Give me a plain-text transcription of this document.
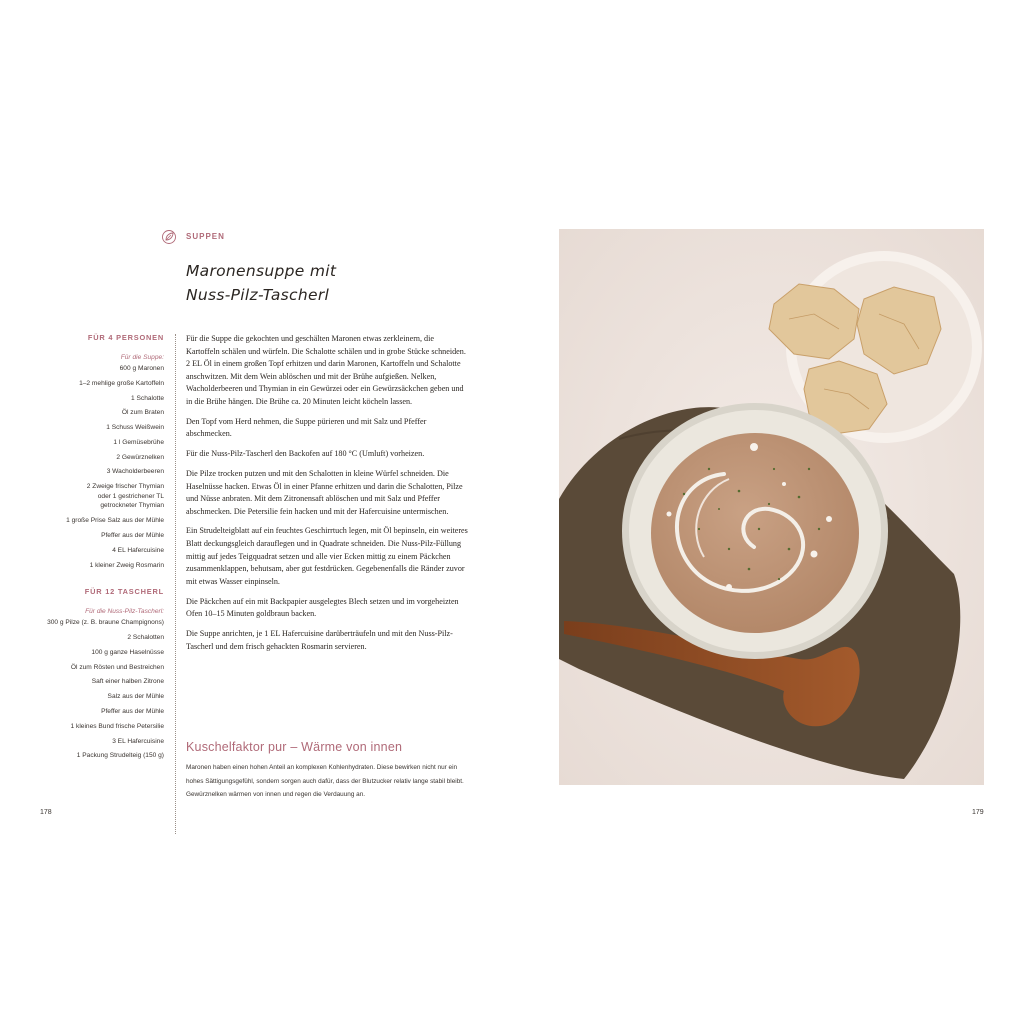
SUPPEN
Maronensuppe mit
Nuss-Pilz-Tascherl
FÜR 4 PERSONEN
Für die Suppe:
600 g Maronen
1–2 mehlige große Kartoffeln
1 Schalotte
Öl zum Braten
1 Schuss Weißwein
1 l Gemüsebrühe
2 Gewürznelken
3 Wacholderbeeren
2 Zweige frischer Thymian
oder 1 gestrichener TL
getrockneter Thymian
1 große Prise Salz aus der Mühle
Pfeffer aus der Mühle
4 EL Hafercuisine
1 kleiner Zweig Rosmarin
FÜR 12 TASCHERL
Für die Nuss-Pilz-Tascherl:
300 g Pilze (z. B. braune Champignons)
2 Schalotten
100 g ganze Haselnüsse
Öl zum Rösten und Bestreichen
Saft einer halben Zitrone
Salz aus der Mühle
Pfeffer aus der Mühle
1 kleines Bund frische Petersilie
3 EL Hafercuisine
1 Packung Strudelteig (150 g)

Für die Suppe die gekochten und geschälten Maronen etwas zerkleinern, die Kartoffeln schälen und würfeln. Die Schalotte schälen und in grobe Stücke schneiden. 2 EL Öl in einem großen Topf erhitzen und darin Maronen, Kartoffeln und Schalotte anschwitzen. Mit dem Wein ablöschen und mit der Brühe aufgießen. Nelken, Wacholderbeeren und Thymian in ein Gewürzei oder ein Gewürzsäckchen geben und in die Brühe hängen. Die Brühe ca. 20 Minuten leicht köcheln lassen.

Den Topf vom Herd nehmen, die Suppe pürieren und mit Salz und Pfeffer abschmecken.

Für die Nuss-Pilz-Tascherl den Backofen auf 180 °C (Umluft) vorheizen.

Die Pilze trocken putzen und mit den Schalotten in kleine Würfel schneiden. Die Haselnüsse hacken. Etwas Öl in einer Pfanne erhitzen und darin die Schalotten, Pilze und Nüsse anbraten. Mit dem Zitronensaft ablöschen und mit Salz und Pfeffer abschmecken. Die Petersilie fein hacken und mit der Hafercuisine untermischen.

Ein Strudelteigblatt auf ein feuchtes Geschirrtuch legen, mit Öl bepinseln, ein weiteres Blatt deckungsgleich darauflegen und in Quadrate schneiden. Die Nuss-Pilz-Füllung mittig auf jedes Teigquadrat setzen und alle vier Ecken mittig zu einem Päckchen zusammenklappen, behutsam, aber gut festdrücken. Gegebenenfalls die Ränder zuvor mit etwas Wasser einpinseln.

Die Päckchen auf ein mit Backpapier ausgelegtes Blech setzen und im vorgeheizten Ofen 10–15 Minuten goldbraun backen.

Die Suppe anrichten, je 1 EL Hafercuisine darüberträufeln und mit den Nuss-Pilz-Tascherl und dem frisch gehackten Rosmarin servieren.

Kuschelfaktor pur – Wärme von innen
Maronen haben einen hohen Anteil an komplexen Kohlenhydraten. Diese bewirken nicht nur ein hohes Sättigungsgefühl, sondern sorgen auch dafür, dass der Blutzucker relativ lange stabil bleibt. Gewürznelken wärmen von innen und regen die Verdauung an.
178	179
